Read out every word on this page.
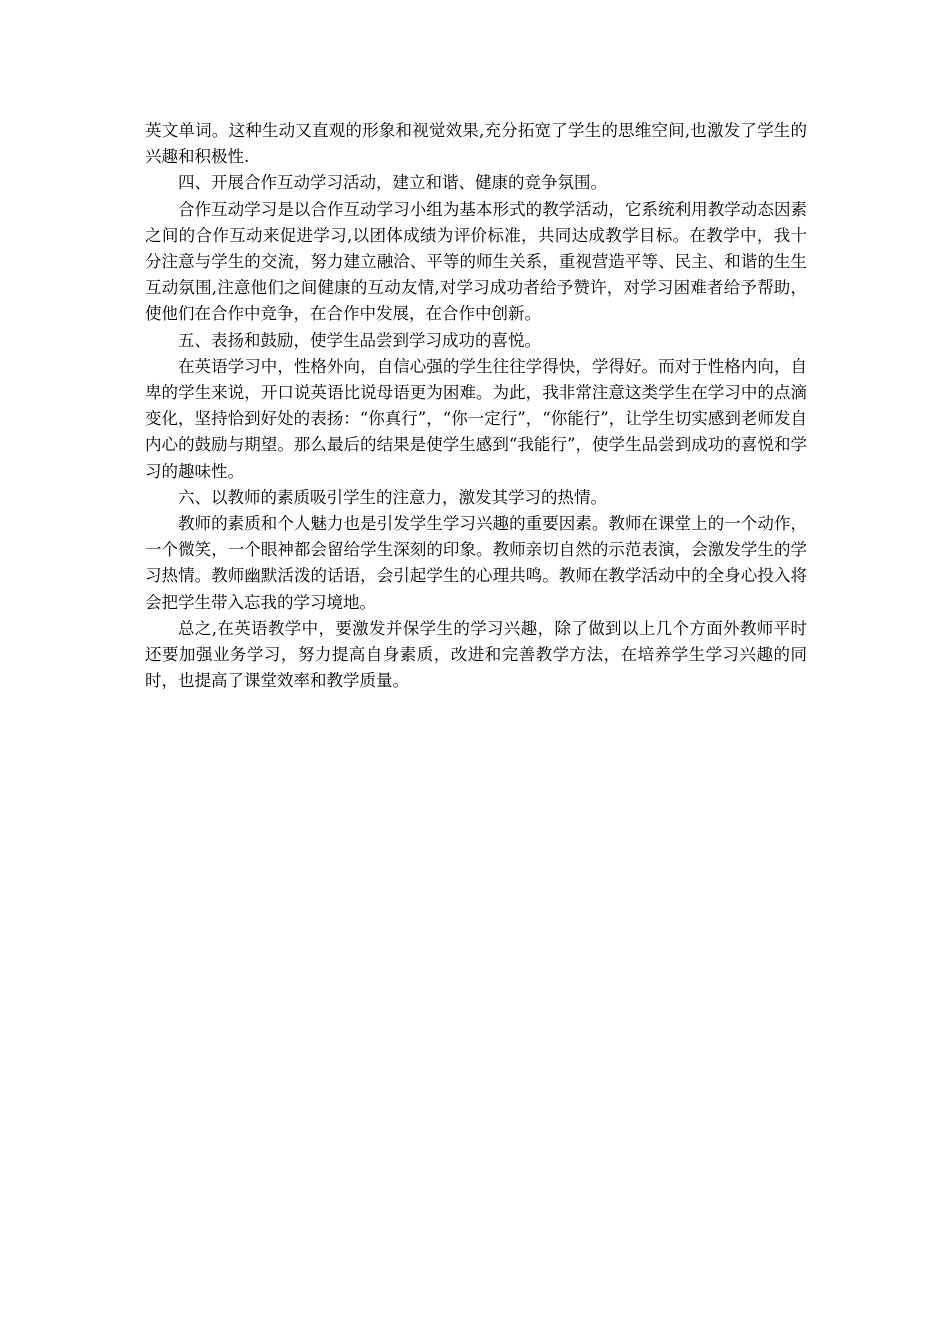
英文单词。这种生动又直观的形象和视觉效果,充分拓宽了学生的思维空间,也激发了学生的兴趣和积极性.

四、开展合作互动学习活动，建立和谐、健康的竞争氛围。

合作互动学习是以合作互动学习小组为基本形式的教学活动，它系统利用教学动态因素之间的合作互动来促进学习,以团体成绩为评价标准，共同达成教学目标。在教学中，我十分注意与学生的交流，努力建立融洽、平等的师生关系，重视营造平等、民主、和谐的生生互动氛围,注意他们之间健康的互动友情,对学习成功者给予赞许，对学习困难者给予帮助，使他们在合作中竞争，在合作中发展，在合作中创新。

五、表扬和鼓励，使学生品尝到学习成功的喜悦。

在英语学习中，性格外向，自信心强的学生往往学得快，学得好。而对于性格内向，自卑的学生来说，开口说英语比说母语更为困难。为此，我非常注意这类学生在学习中的点滴变化，坚持恰到好处的表扬：“你真行”，“你一定行”，“你能行”，让学生切实感到老师发自内心的鼓励与期望。那么最后的结果是使学生感到“我能行”，使学生品尝到成功的喜悦和学习的趣味性。

六、以教师的素质吸引学生的注意力，激发其学习的热情。

教师的素质和个人魅力也是引发学生学习兴趣的重要因素。教师在课堂上的一个动作，一个微笑，一个眼神都会留给学生深刻的印象。教师亲切自然的示范表演，会激发学生的学习热情。教师幽默活泼的话语，会引起学生的心理共鸣。教师在教学活动中的全身心投入将会把学生带入忘我的学习境地。

总之,在英语教学中，要激发并保学生的学习兴趣，除了做到以上几个方面外教师平时还要加强业务学习，努力提高自身素质，改进和完善教学方法，在培养学生学习兴趣的同时，也提高了课堂效率和教学质量。
